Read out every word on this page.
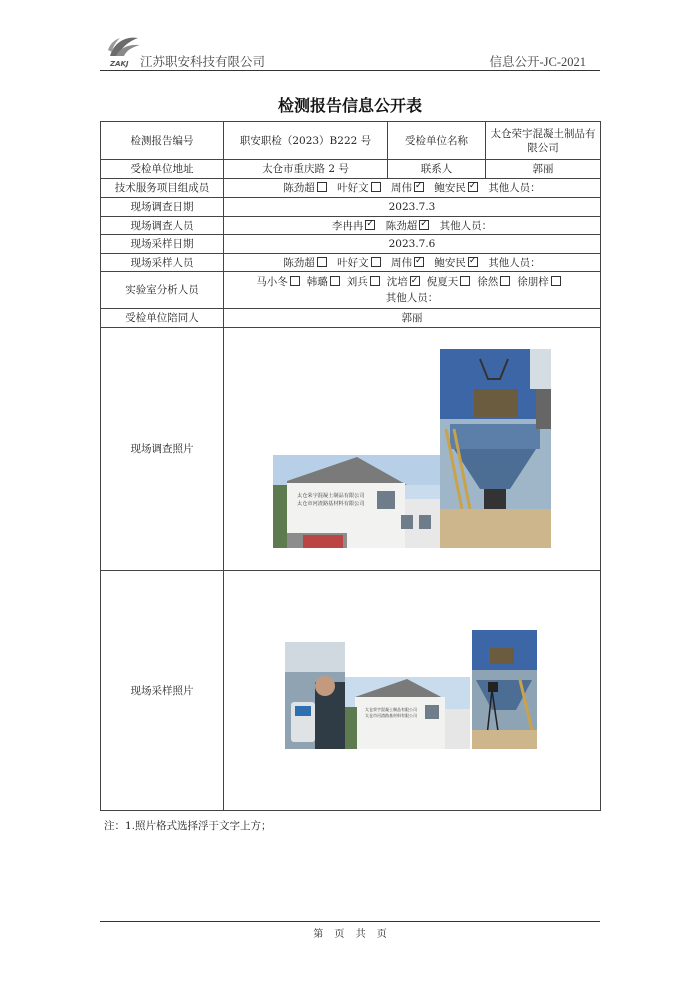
ZAKJ 江苏职安科技有限公司	信息公开-JC-2021
检测报告信息公开表
检测报告编号	职安职检（2023）B222 号	受检单位名称	太仓荣宇混凝土制品有限公司
受检单位地址	太仓市重庆路 2 号	联系人	郭丽
技术服务项目组成员	陈劲超 叶好文 周伟 ✓ 鲍安民 ✓ 其他人员：
现场调查日期	2023.7.3		
现场调查人员	李冉冉 ✓ 陈劲超 ✓ 其他人员：
现场采样日期	2023.7.6		
现场采样人员	陈劲超 叶好文 周伟 ✓ 鲍安民 ✓ 其他人员：
实验室分析人员	马小冬 韩璐 刘兵 沈培 ✓ 倪夏天 徐然 徐朋梓
其他人员：
受检单位陪同人	郭丽		
现场调查照片	太仓荣宇混凝土制品有限公司
太仓市河渣路基材料有限公司		

现场采样照片	太仓荣宇混凝土制品有限公司
太仓市河渣路基材料有限公司		
注：1.照片格式选择浮于文字上方；
第 页 共 页
